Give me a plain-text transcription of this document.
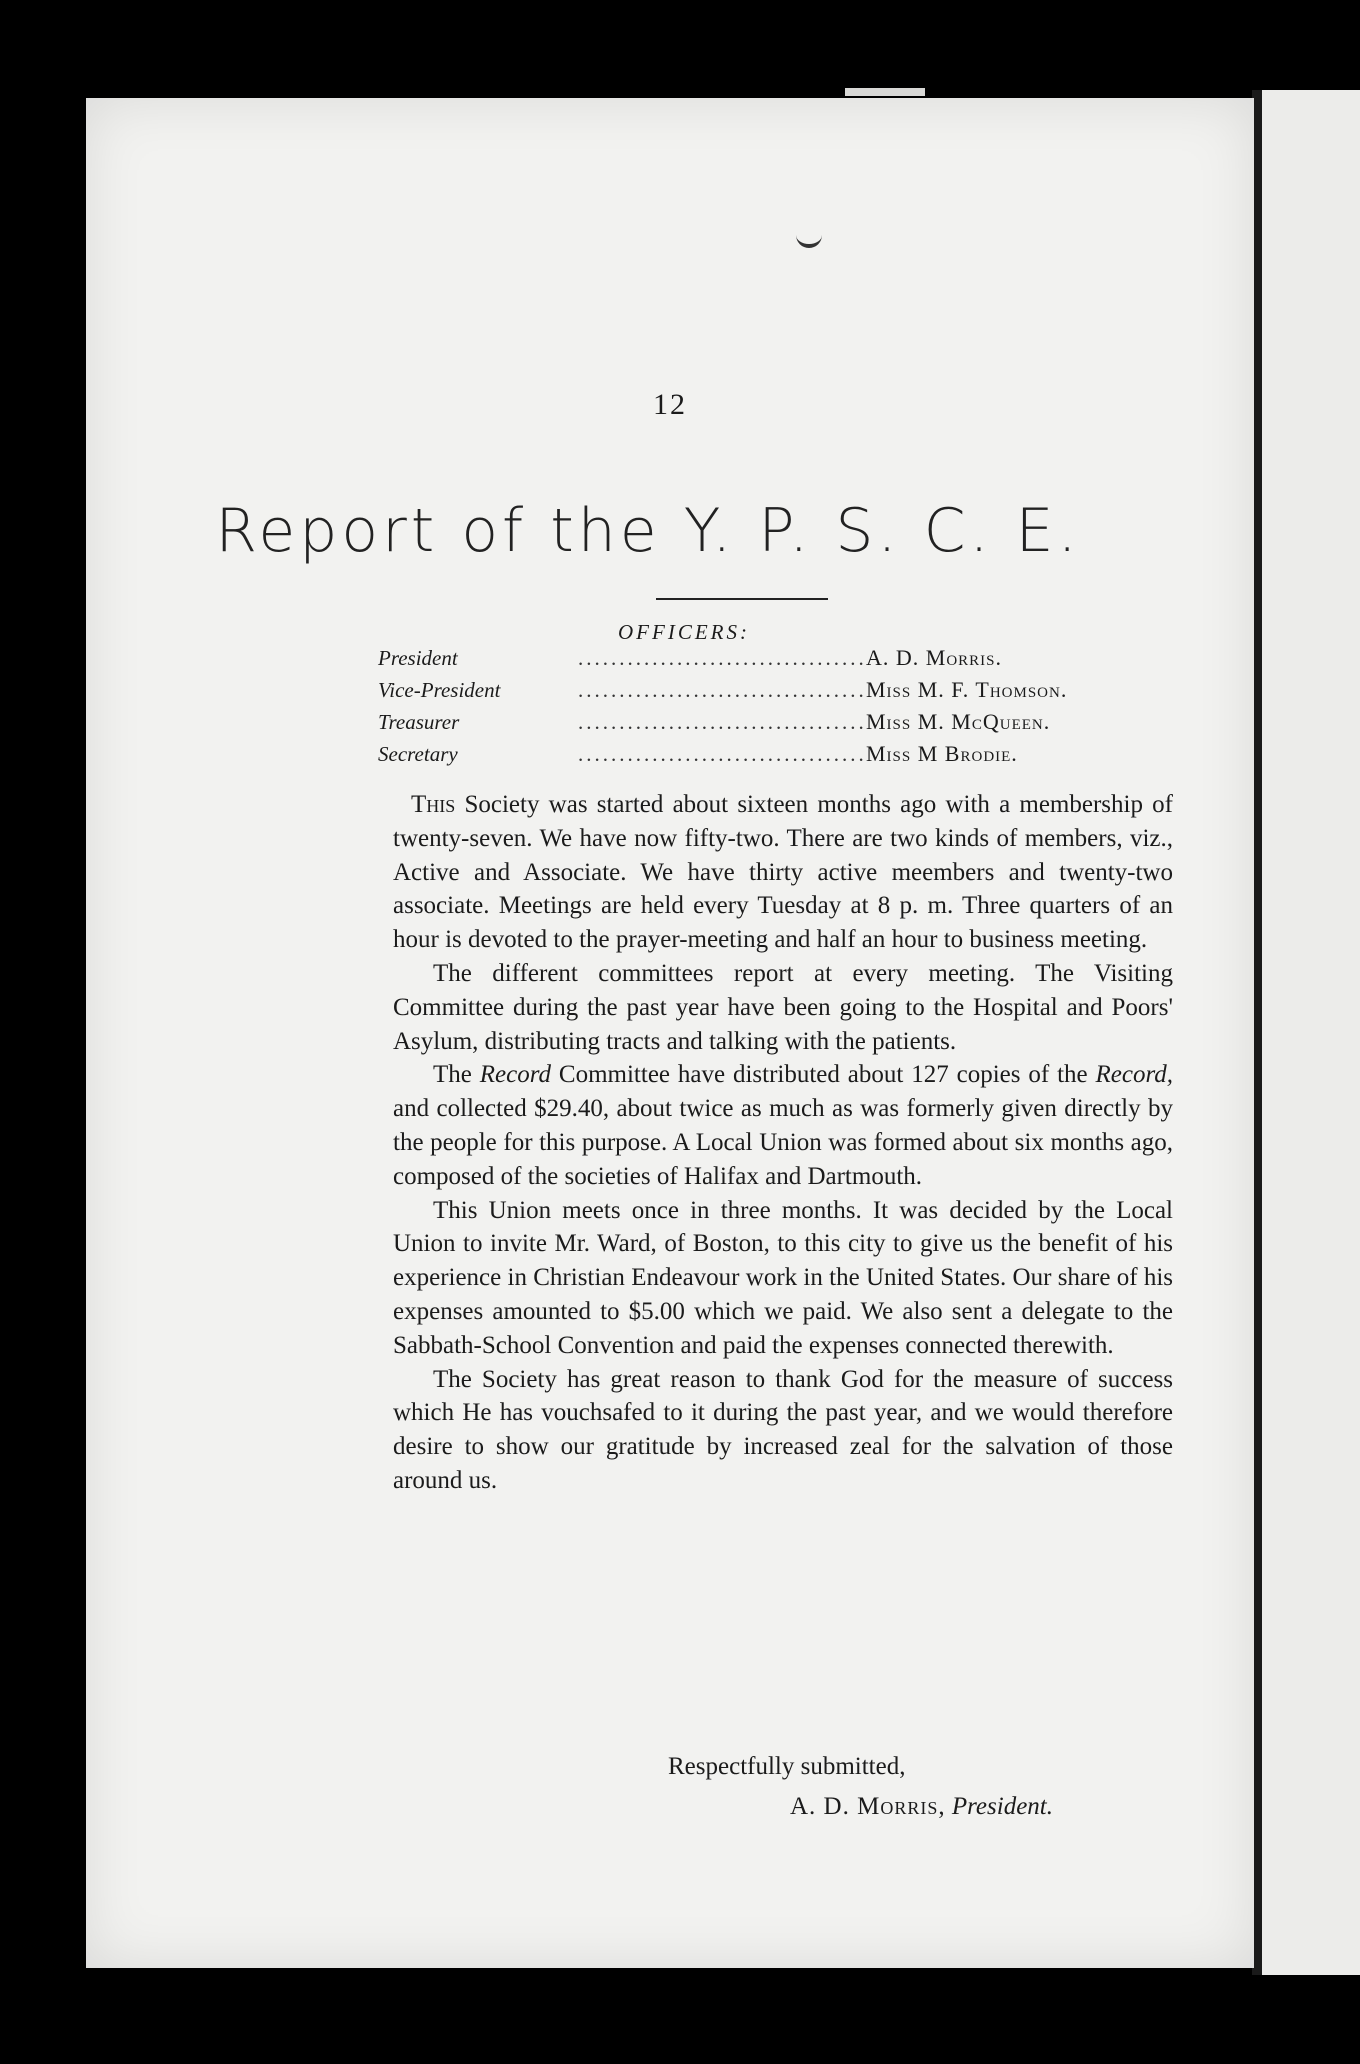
12
Report of the Y. P. S. C. E.
OFFICERS:
President .....	A. D. Morris.
Vice-President .....	Miss M. F. Thomson.
Treasurer .....	Miss M. McQueen.
Secretary .....	Miss M Brodie.

This Society was started about sixteen months ago with a membership of twenty-seven. We have now fifty-two. There are two kinds of members, viz., Active and Associate. We have thirty active meembers and twenty-two associate. Meetings are held every Tuesday at 8 p. m. Three quarters of an hour is devoted to the prayer-meeting and half an hour to business meeting.

The different committees report at every meeting. The Visiting Committee during the past year have been going to the Hospital and Poors' Asylum, distributing tracts and talking with the patients.

The Record Committee have distributed about 127 copies of the Record, and collected $29.40, about twice as much as was formerly given directly by the people for this purpose. A Local Union was formed about six months ago, composed of the societies of Halifax and Dartmouth.

This Union meets once in three months. It was decided by the Local Union to invite Mr. Ward, of Boston, to this city to give us the benefit of his experience in Christian Endeavour work in the United States. Our share of his expenses amounted to $5.00 which we paid. We also sent a delegate to the Sabbath-School Convention and paid the expenses connected therewith.

The Society has great reason to thank God for the measure of success which He has vouchsafed to it during the past year, and we would therefore desire to show our gratitude by increased zeal for the salvation of those around us.

Respectfully submitted,
A. D. Morris, President.
